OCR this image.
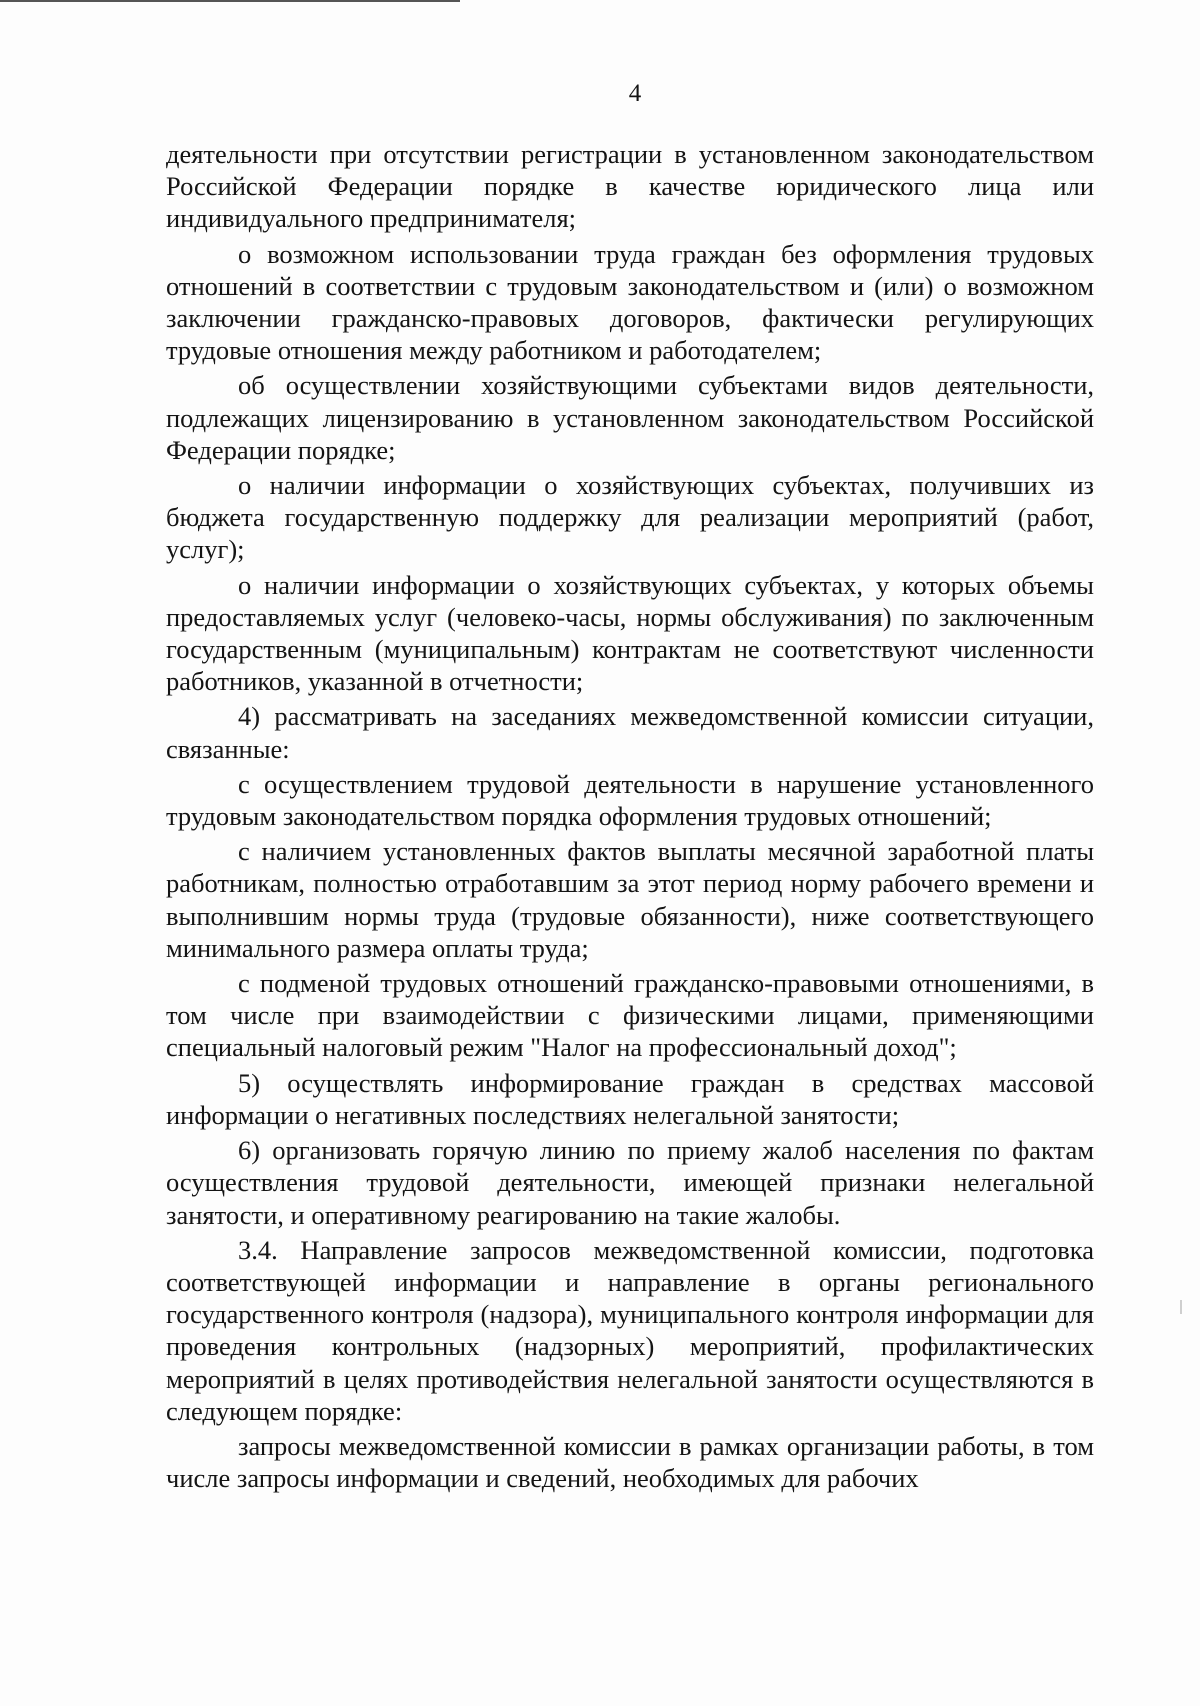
4

деятельности при отсутствии регистрации в установленном законодательством Российской Федерации порядке в качестве юридического лица или индивидуального предпринимателя;

о возможном использовании труда граждан без оформления трудовых отношений в соответствии с трудовым законодательством и (или) о возможном заключении гражданско-правовых договоров, фактически регулирующих трудовые отношения между работником и работодателем;

об осуществлении хозяйствующими субъектами видов деятельности, подлежащих лицензированию в установленном законодательством Российской Федерации порядке;

о наличии информации о хозяйствующих субъектах, получивших из бюджета государственную поддержку для реализации мероприятий (работ, услуг);

о наличии информации о хозяйствующих субъектах, у которых объемы предоставляемых услуг (человеко-часы, нормы обслуживания) по заключенным государственным (муниципальным) контрактам не соответствуют численности работников, указанной в отчетности;

4) рассматривать на заседаниях межведомственной комиссии ситуации, связанные:

с осуществлением трудовой деятельности в нарушение установленного трудовым законодательством порядка оформления трудовых отношений;

с наличием установленных фактов выплаты месячной заработной платы работникам, полностью отработавшим за этот период норму рабочего времени и выполнившим нормы труда (трудовые обязанности), ниже соответствующего минимального размера оплаты труда;

с подменой трудовых отношений гражданско-правовыми отношениями, в том числе при взаимодействии с физическими лицами, применяющими специальный налоговый режим "Налог на профессиональный доход";

5) осуществлять информирование граждан в средствах массовой информации о негативных последствиях нелегальной занятости;

6) организовать горячую линию по приему жалоб населения по фактам осуществления трудовой деятельности, имеющей признаки нелегальной занятости, и оперативному реагированию на такие жалобы.

3.4. Направление запросов межведомственной комиссии, подготовка соответствующей информации и направление в органы регионального государственного контроля (надзора), муниципального контроля информации для проведения контрольных (надзорных) мероприятий, профилактических мероприятий в целях противодействия нелегальной занятости осуществляются в следующем порядке:

запросы межведомственной комиссии в рамках организации работы, в том числе запросы информации и сведений, необходимых для рабочих
